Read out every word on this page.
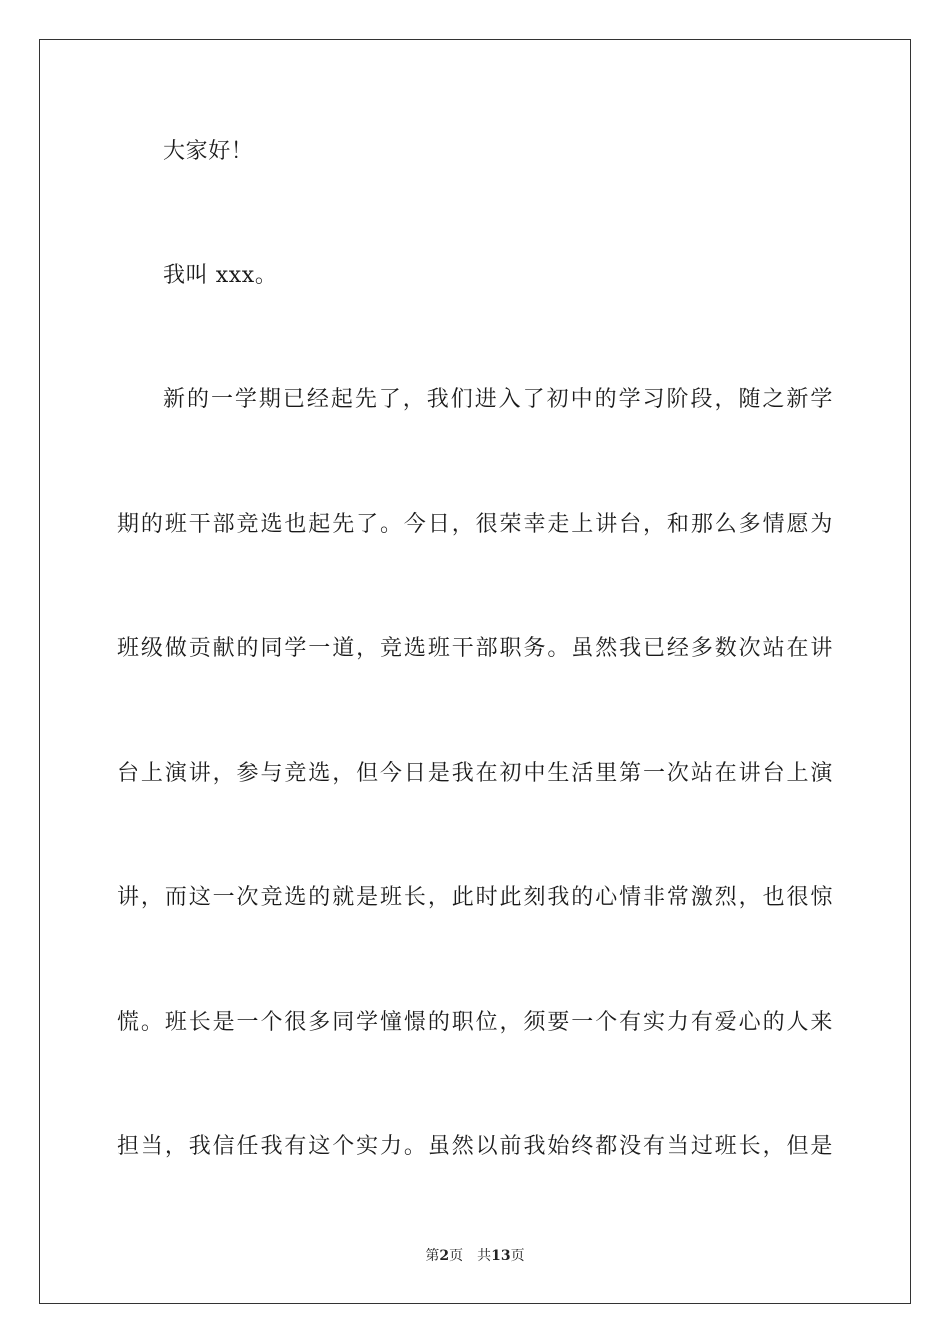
大家好！
我叫 xxx。
新的一学期已经起先了，我们进入了初中的学习阶段，随之新学
期的班干部竞选也起先了。今日，很荣幸走上讲台，和那么多情愿为
班级做贡献的同学一道，竞选班干部职务。虽然我已经多数次站在讲
台上演讲，参与竞选，但今日是我在初中生活里第一次站在讲台上演
讲，而这一次竞选的就是班长，此时此刻我的心情非常激烈，也很惊
慌。班长是一个很多同学憧憬的职位，须要一个有实力有爱心的人来
担当，我信任我有这个实力。虽然以前我始终都没有当过班长，但是
第2页 共13页
